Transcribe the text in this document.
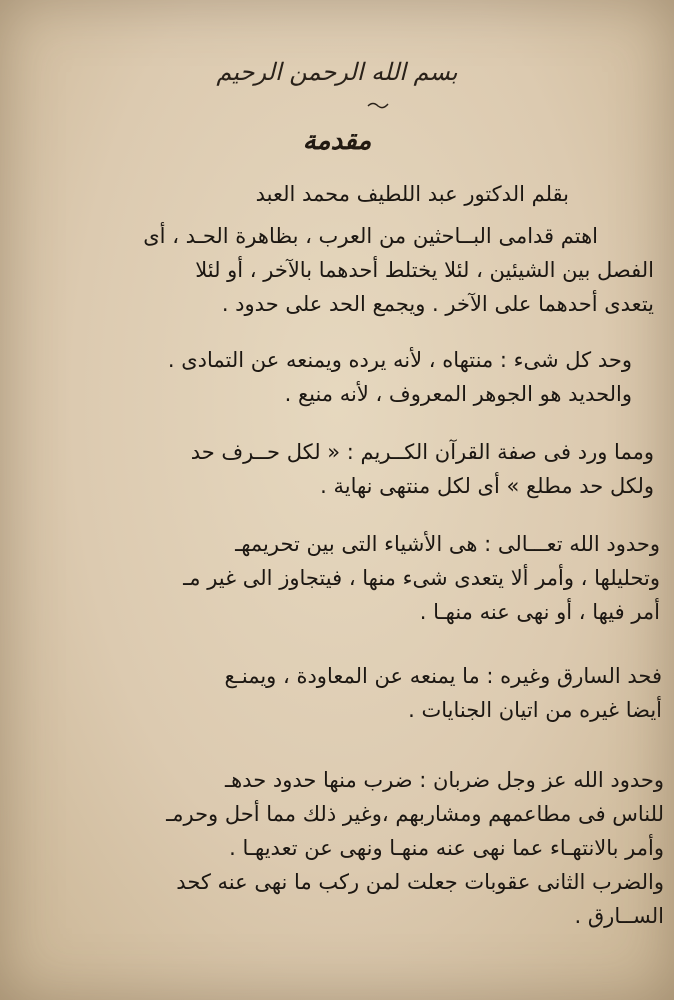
بسم الله الرحمن الرحيم
مقدمة
بقلم الدكتور عبد اللطيف محمد العبد
اهتم قدامى البــاحثين من العرب ، بظاهرة الحـد ، أى
الفصل بين الشيئين ، لئلا يختلط أحدهما بالآخر ، أو لئلا
يتعدى أحدهما على الآخر . ويجمع الحد على حدود .
وحد كل شىء : منتهاه ، لأنه يرده ويمنعه عن التمادى .
والحديد هو الجوهر المعروف ، لأنه منيع .
ومما ورد فى صفة القرآن الكــريم : « لكل حــرف حد
ولكل حد مطلع » أى لكل منتهى نهاية .
وحدود الله تعـــالى : هى الأشياء التى بين تحريمهـ
وتحليلها ، وأمر ألا يتعدى شىء منها ، فيتجاوز الى غير مـ
أمر فيها ، أو نهى عنه منهـا .
فحد السارق وغيره : ما يمنعه عن المعاودة ، ويمنـع
أيضا غيره من اتيان الجنايات .
وحدود الله عز وجل ضربان : ضرب منها حدود حدهـ
للناس فى مطاعمهم ومشاربهم ،وغير ذلك مما أحل وحرمـ
وأمر بالانتهـاء عما نهى عنه منهـا ونهى عن تعديهـا .
والضرب الثانى عقوبات جعلت لمن ركب ما نهى عنه كحد
الســارق .
